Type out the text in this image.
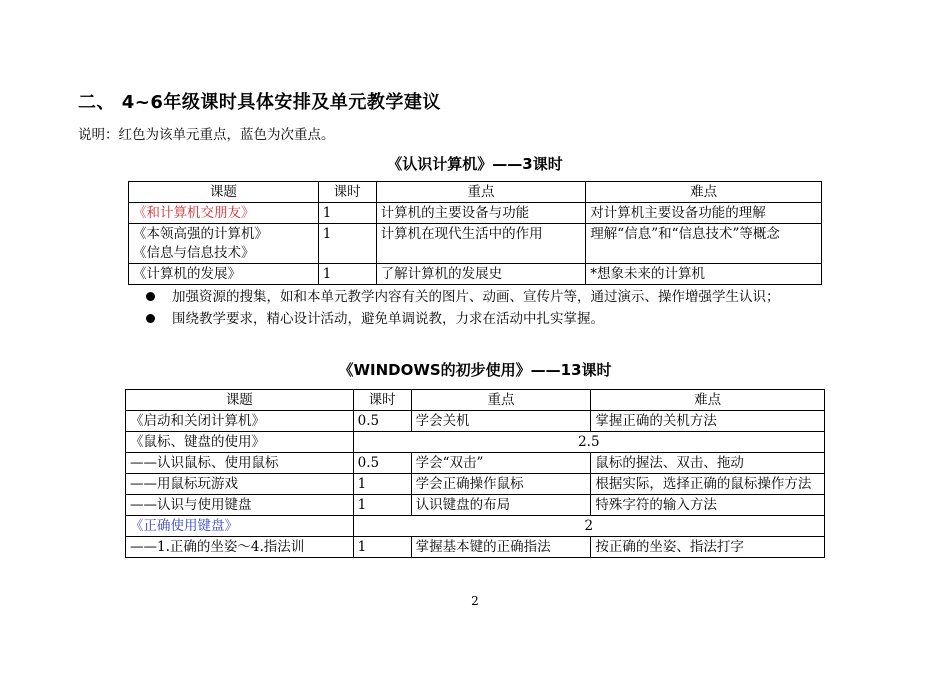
二、 4~6年级课时具体安排及单元教学建议
说明：红色为该单元重点，蓝色为次重点。
《认识计算机》——3课时
课题	课时	重点	难点
《和计算机交朋友》	1	计算机的主要设备与功能	对计算机主要设备功能的理解
《本领高强的计算机》
《信息与信息技术》	1	计算机在现代生活中的作用	理解“信息”和“信息技术”等概念
《计算机的发展》	1	了解计算机的发展史	*想象未来的计算机
加强资源的搜集，如和本单元教学内容有关的图片、动画、宣传片等，通过演示、操作增强学生认识；
围绕教学要求，精心设计活动，避免单调说教，力求在活动中扎实掌握。
《WINDOWS的初步使用》——13课时
课题	课时	重点	难点
《启动和关闭计算机》	0.5	学会关机	掌握正确的关机方法
《鼠标、键盘的使用》	2.5		
——认识鼠标、使用鼠标	0.5	学会“双击”	鼠标的握法、双击、拖动
——用鼠标玩游戏	1	学会正确操作鼠标	根据实际，选择正确的鼠标操作方法
——认识与使用键盘	1	认识键盘的布局	特殊字符的输入方法
《正确使用键盘》	2		
——1.正确的坐姿～4.指法训	1	掌握基本键的正确指法	按正确的坐姿、指法打字
2
